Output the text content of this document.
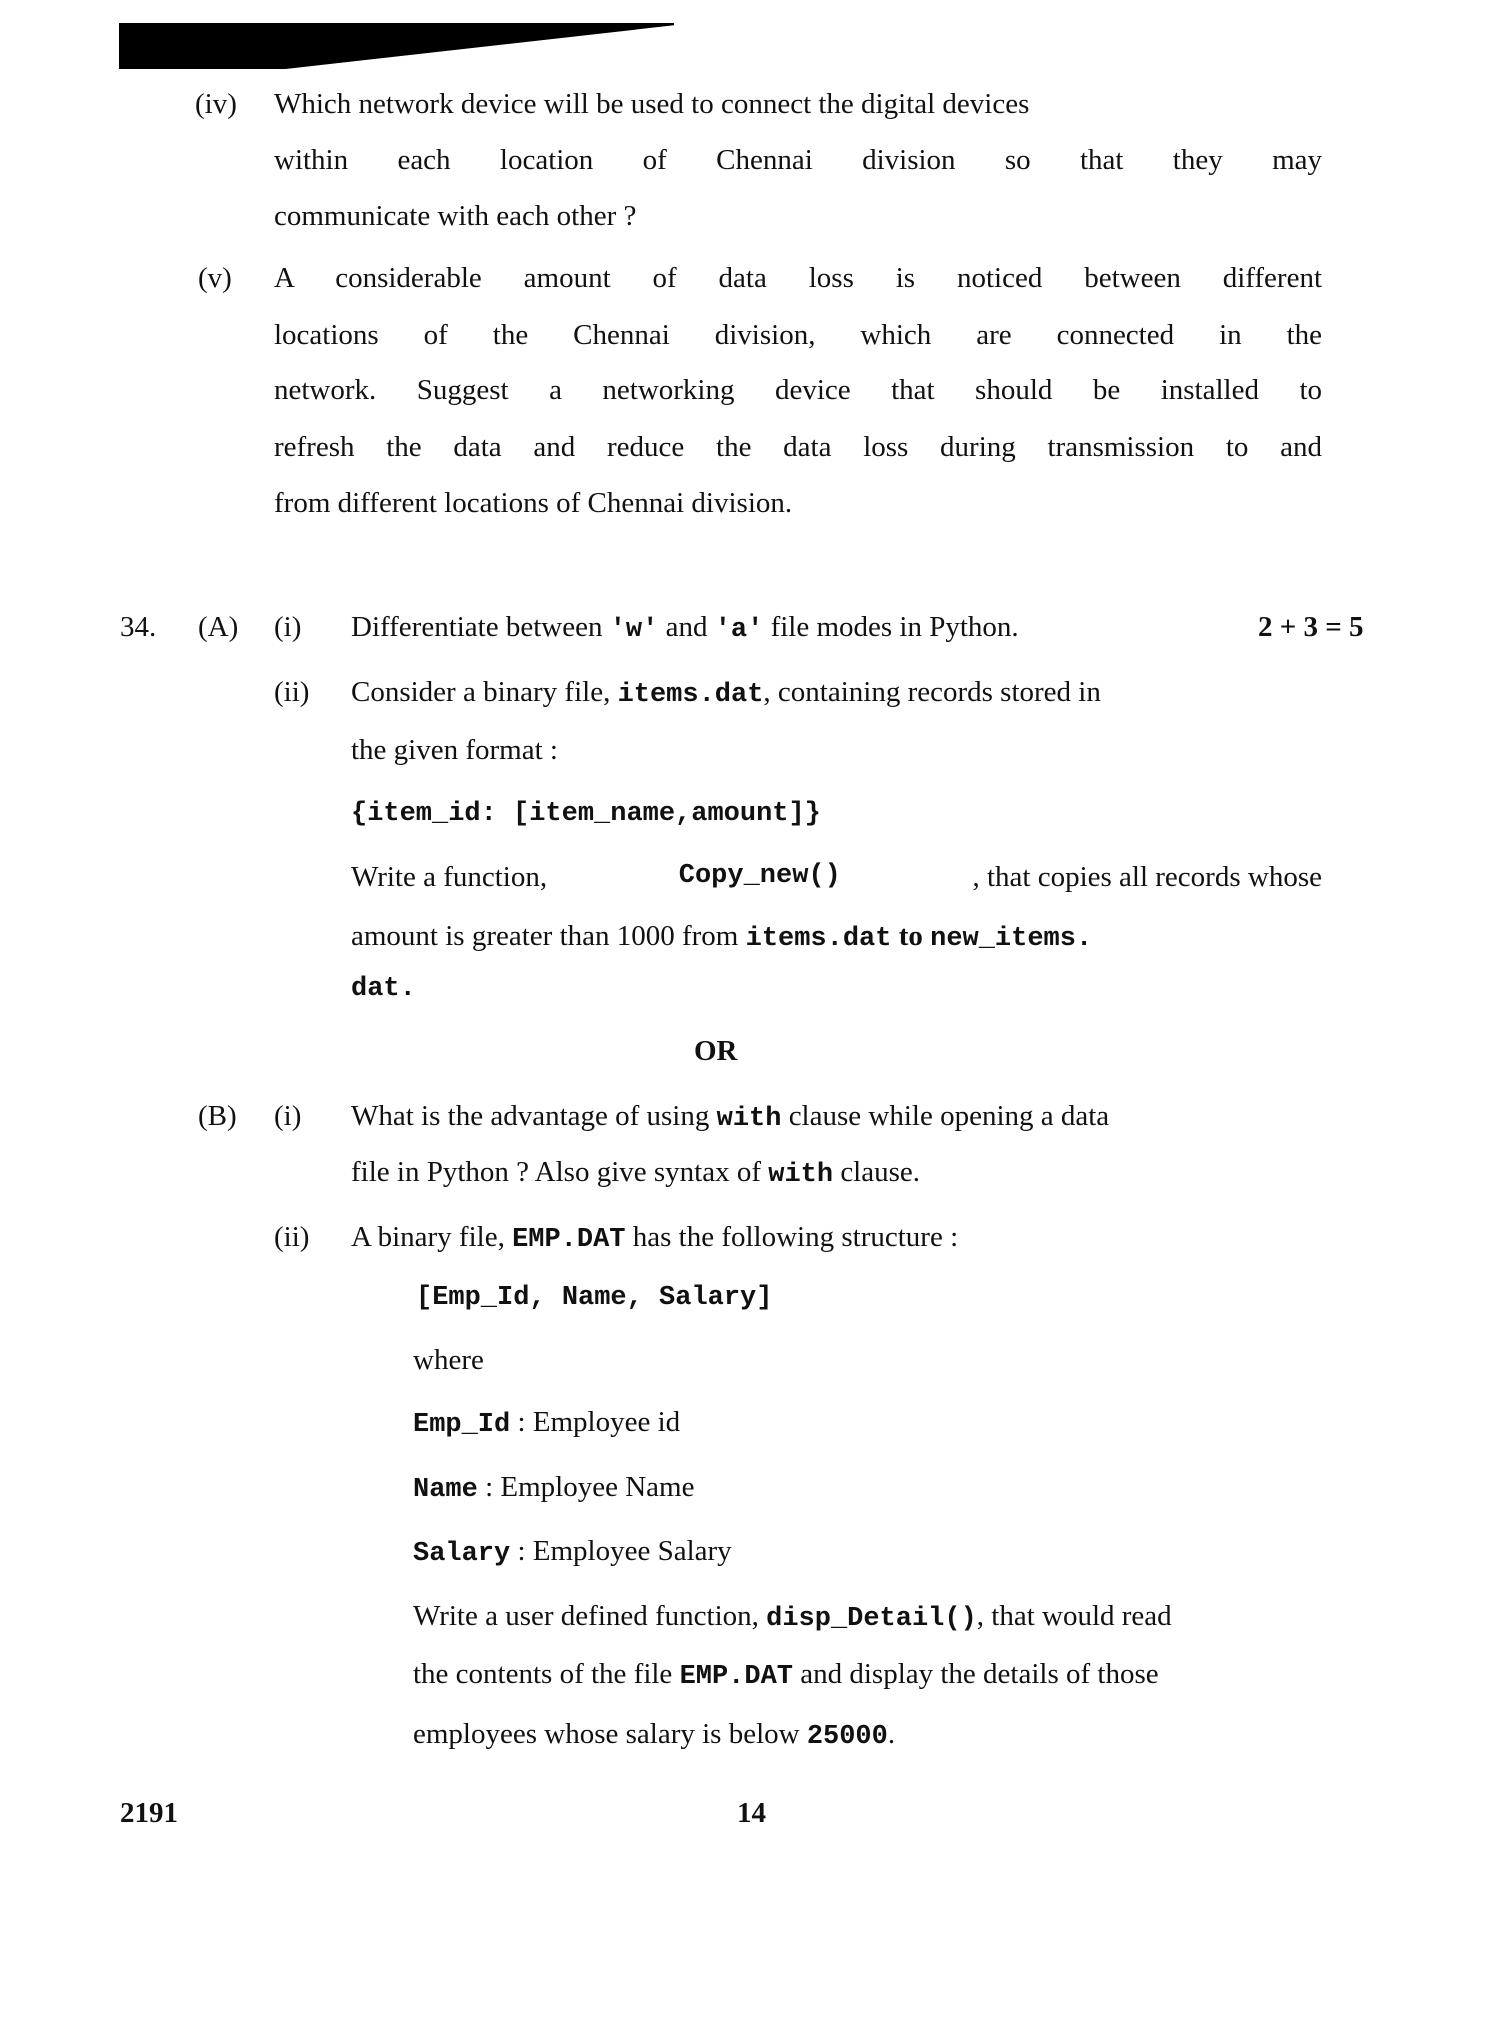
(iv) Which network device will be used to connect the digital devices
within each location of Chennai division so that they may
communicate with each other ?
(v) A considerable amount of data loss is noticed between different
locations of the Chennai division, which are connected in the
network. Suggest a networking device that should be installed to
refresh the data and reduce the data loss during transmission to and
from different locations of Chennai division.
34. (A) (i) Differentiate between 'w' and 'a' file modes in Python.	2 + 3 = 5
(ii) Consider a binary file, items.dat, containing records stored in
the given format :
{item_id: [item_name,amount]}
Write a function,	Copy_new()	, that copies all records whose
amount is greater than 1000 from items.dat to new_items.
dat.
OR
(B) (i) What is the advantage of using with clause while opening a data
file in Python ? Also give syntax of with clause.
(ii) A binary file, EMP.DAT has the following structure :
[Emp_Id, Name, Salary]
where
Emp_Id : Employee id
Name : Employee Name
Salary : Employee Salary
Write a user defined function, disp_Detail(), that would read
the contents of the file EMP.DAT and display the details of those
employees whose salary is below 25000.
2191	14
